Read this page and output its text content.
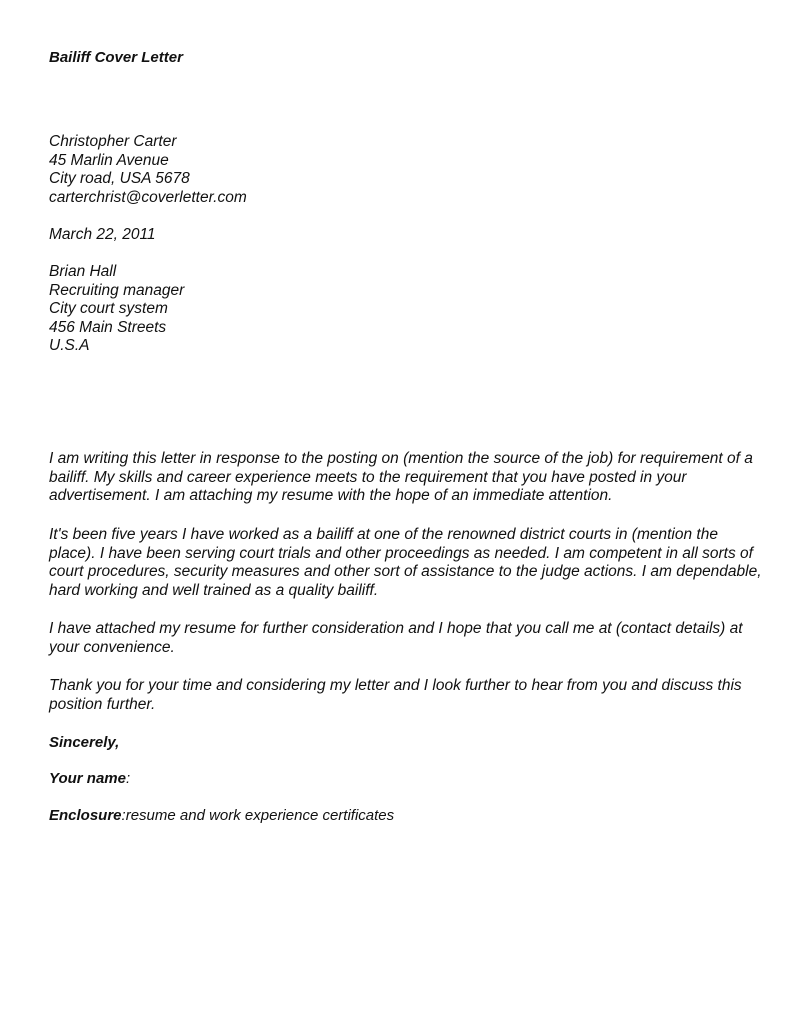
Bailiff Cover Letter
Christopher Carter
45 Marlin Avenue
City road, USA 5678
carterchrist@coverletter.com
March 22, 2011
Brian Hall
Recruiting manager
City court system
456 Main Streets
U.S.A
I am writing this letter in response to the posting on (mention the source of the job) for requirement of a bailiff. My skills and career experience meets to the requirement that you have posted in your advertisement. I am attaching my resume with the hope of an immediate attention.
It's been five years I have worked as a bailiff at one of the renowned district courts in (mention the place). I have been serving court trials and other proceedings as needed. I am competent in all sorts of court procedures, security measures and other sort of assistance to the judge actions. I am dependable, hard working and well trained as a quality bailiff.
I have attached my resume for further consideration and I hope that you call me at (contact details) at your convenience.
Thank you for your time and considering my letter and I look further to hear from you and discuss this position further.
Sincerely,
Your name:
Enclosure:resume and work experience certificates
